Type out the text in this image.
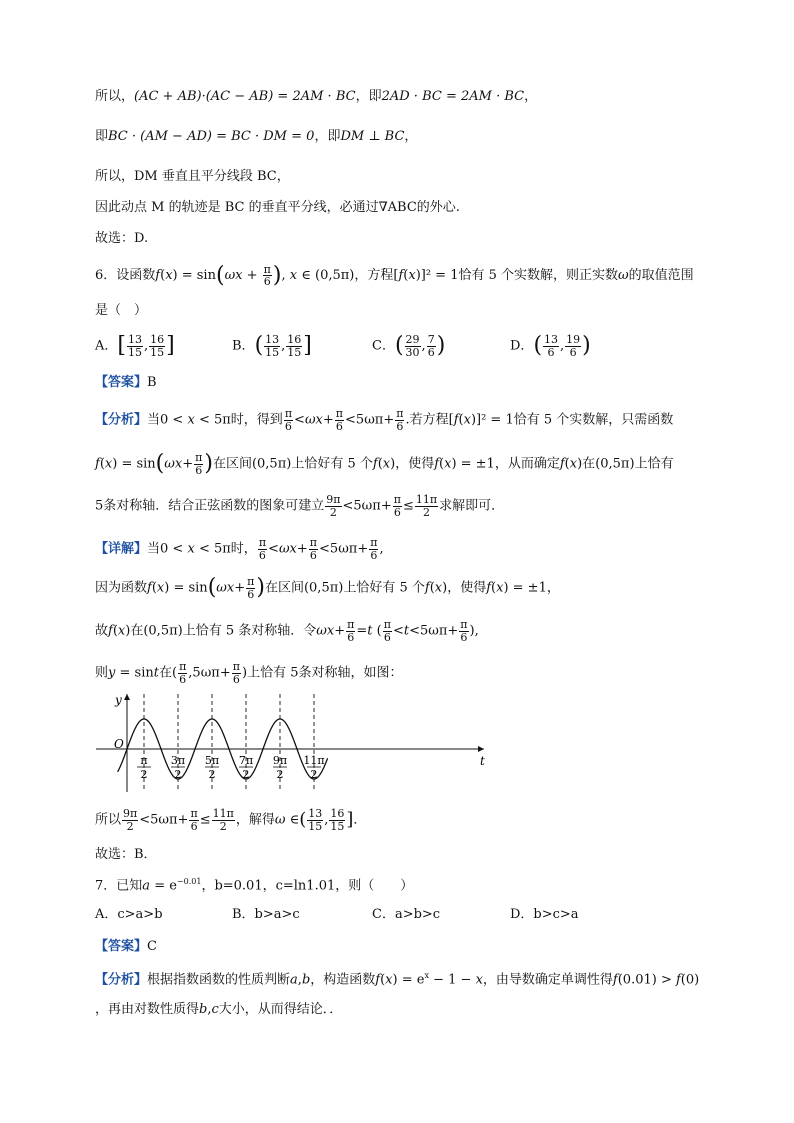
所以，(AC + AB)·(AC − AB) = 2AM · BC，即2AD · BC = 2AM · BC，
即BC · (AM − AD) = BC · DM = 0，即DM ⊥ BC，
所以，DM 垂直且平分线段 BC，
因此动点 M 的轨迹是 BC 的垂直平分线，必通过∇ABC的外心.
故选：D.
6．设函数$f(x) = \sin(\omega x + \frac{\pi}{6}$ ), x ∈ (0,5π)，方程[f(x)]² = 1恰有 5 个实数解，则正实数ω的取值范围
是（　）
A．[ $\frac{13}{15}$ , $\frac{16}{15}$ ]	B．( $\frac{13}{15}$ , $\frac{16}{15}$ ]	C．( $\frac{29}{30}$ , $\frac{7}{6}$ )	D．( $\frac{13}{6}$ , $\frac{19}{6}$ )
【答案】B
【分析】当0 < x < 5π时，得到 $\frac{\pi}{6} <\omega x+ \frac{\pi}{6} <5\omega\pi+ \frac{\pi}{6}$ .若方程[f(x)]² = 1恰有 5 个实数解，只需函数
$f(x) = \sin(\omega x+ \frac{\pi}{6}$ )在区间(0,5π)上恰好有 5 个f(x)，使得f(x) = ±1，从而确定f(x)在(0,5π)上恰有
5条对称轴．结合正弦函数的图象可建立 $\frac{9\pi}{2} <5\omega\pi+ \frac{\pi}{6} \le \frac{11\pi}{2}$ 求解即可．
【详解】当0 < x < 5π时， $\frac{\pi}{6} <\omega x+ \frac{\pi}{6} <5\omega\pi+ \frac{\pi}{6}$ ,
因为函数$f(x) = \sin(\omega x+ \frac{\pi}{6}$ )在区间(0,5π)上恰好有 5 个f(x)，使得f(x) = ±1，
故f(x)在(0,5π)上恰有 5 条对称轴．令$\omega x+ \frac{\pi}{6} =t$ ( $\frac{\pi}{6} <t<5\omega\pi+ \frac{\pi}{6}$ ),
则y = sint在( $\frac{\pi}{6} ,5\omega\pi+ \frac{\pi}{6}$ )上恰有 5条对称轴，如图：
y
t
O
π
2
3π
2
5π
2
7π
2
9π
2
11π
2
所以 $\frac{9\pi}{2} <5\omega\pi+ \frac{\pi}{6} \le \frac{11\pi}{2}$ ，解得ω ∈( $\frac{13}{15}$ , $\frac{16}{15}$ ]．
故选：B．
7．已知$a = e^{-0.01}$，b=0.01，c=ln1.01，则（　　）
A．c>a>b	B．b>a>c	C．a>b>c	D．b>c>a
【答案】C
【分析】根据指数函数的性质判断a,b，构造函数$f(x) = e^x - 1 - x$，由导数确定单调性得f(0.01) > f(0)
，再由对数性质得b,c大小，从而得结论．．
